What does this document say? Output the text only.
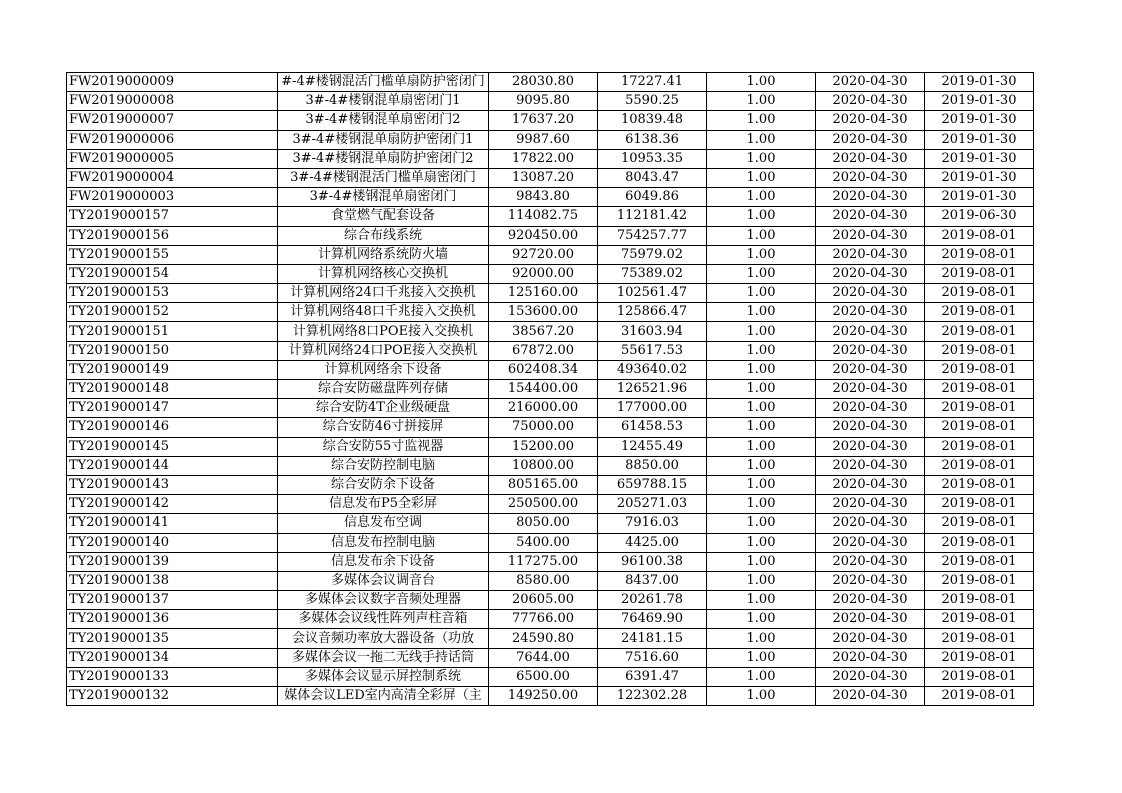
FW2019000009	#-4#楼钢混活门槛单扇防护密闭门	28030.80	17227.41	1.00	2020-04-30	2019-01-30
FW2019000008	3#-4#楼钢混单扇密闭门1	9095.80	5590.25	1.00	2020-04-30	2019-01-30
FW2019000007	3#-4#楼钢混单扇密闭门2	17637.20	10839.48	1.00	2020-04-30	2019-01-30
FW2019000006	3#-4#楼钢混单扇防护密闭门1	9987.60	6138.36	1.00	2020-04-30	2019-01-30
FW2019000005	3#-4#楼钢混单扇防护密闭门2	17822.00	10953.35	1.00	2020-04-30	2019-01-30
FW2019000004	3#-4#楼钢混活门槛单扇密闭门	13087.20	8043.47	1.00	2020-04-30	2019-01-30
FW2019000003	3#-4#楼钢混单扇密闭门	9843.80	6049.86	1.00	2020-04-30	2019-01-30
TY2019000157	食堂燃气配套设备	114082.75	112181.42	1.00	2020-04-30	2019-06-30
TY2019000156	综合布线系统	920450.00	754257.77	1.00	2020-04-30	2019-08-01
TY2019000155	计算机网络系统防火墙	92720.00	75979.02	1.00	2020-04-30	2019-08-01
TY2019000154	计算机网络核心交换机	92000.00	75389.02	1.00	2020-04-30	2019-08-01
TY2019000153	计算机网络24口千兆接入交换机	125160.00	102561.47	1.00	2020-04-30	2019-08-01
TY2019000152	计算机网络48口千兆接入交换机	153600.00	125866.47	1.00	2020-04-30	2019-08-01
TY2019000151	计算机网络8口POE接入交换机	38567.20	31603.94	1.00	2020-04-30	2019-08-01
TY2019000150	计算机网络24口POE接入交换机	67872.00	55617.53	1.00	2020-04-30	2019-08-01
TY2019000149	计算机网络余下设备	602408.34	493640.02	1.00	2020-04-30	2019-08-01
TY2019000148	综合安防磁盘阵列存储	154400.00	126521.96	1.00	2020-04-30	2019-08-01
TY2019000147	综合安防4T企业级硬盘	216000.00	177000.00	1.00	2020-04-30	2019-08-01
TY2019000146	综合安防46寸拼接屏	75000.00	61458.53	1.00	2020-04-30	2019-08-01
TY2019000145	综合安防55寸监视器	15200.00	12455.49	1.00	2020-04-30	2019-08-01
TY2019000144	综合安防控制电脑	10800.00	8850.00	1.00	2020-04-30	2019-08-01
TY2019000143	综合安防余下设备	805165.00	659788.15	1.00	2020-04-30	2019-08-01
TY2019000142	信息发布P5全彩屏	250500.00	205271.03	1.00	2020-04-30	2019-08-01
TY2019000141	信息发布空调	8050.00	7916.03	1.00	2020-04-30	2019-08-01
TY2019000140	信息发布控制电脑	5400.00	4425.00	1.00	2020-04-30	2019-08-01
TY2019000139	信息发布余下设备	117275.00	96100.38	1.00	2020-04-30	2019-08-01
TY2019000138	多媒体会议调音台	8580.00	8437.00	1.00	2020-04-30	2019-08-01
TY2019000137	多媒体会议数字音频处理器	20605.00	20261.78	1.00	2020-04-30	2019-08-01
TY2019000136	多媒体会议线性阵列声柱音箱	77766.00	76469.90	1.00	2020-04-30	2019-08-01
TY2019000135	会议音频功率放大器设备（功放	24590.80	24181.15	1.00	2020-04-30	2019-08-01
TY2019000134	多媒体会议一拖二无线手持话筒	7644.00	7516.60	1.00	2020-04-30	2019-08-01
TY2019000133	多媒体会议显示屏控制系统	6500.00	6391.47	1.00	2020-04-30	2019-08-01
TY2019000132	媒体会议LED室内高清全彩屏（主	149250.00	122302.28	1.00	2020-04-30	2019-08-01
